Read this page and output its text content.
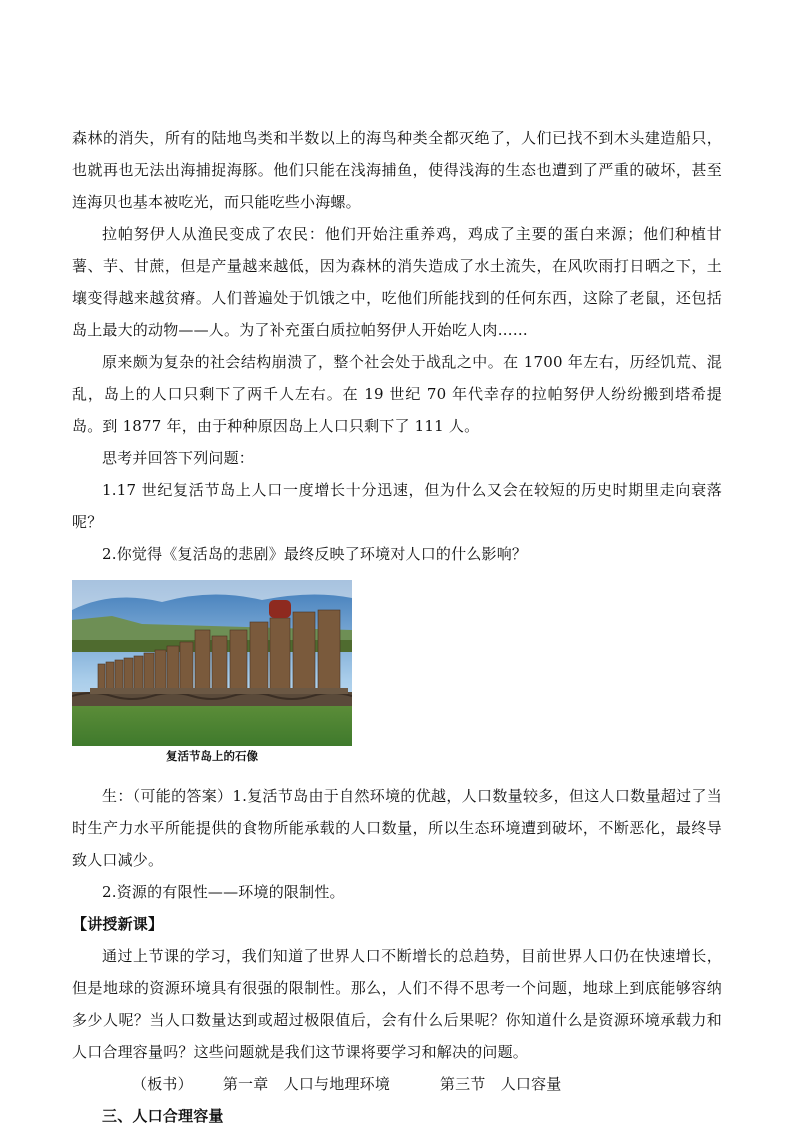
森林的消失，所有的陆地鸟类和半数以上的海鸟种类全都灭绝了，人们已找不到木头建造船只，也就再也无法出海捕捉海豚。他们只能在浅海捕鱼，使得浅海的生态也遭到了严重的破坏，甚至连海贝也基本被吃光，而只能吃些小海螺。

拉帕努伊人从渔民变成了农民：他们开始注重养鸡，鸡成了主要的蛋白来源；他们种植甘薯、芋、甘蔗，但是产量越来越低，因为森林的消失造成了水土流失，在风吹雨打日晒之下，土壤变得越来越贫瘠。人们普遍处于饥饿之中，吃他们所能找到的任何东西，这除了老鼠，还包括岛上最大的动物——人。为了补充蛋白质拉帕努伊人开始吃人肉……

原来颇为复杂的社会结构崩溃了，整个社会处于战乱之中。在 1700 年左右，历经饥荒、混乱，岛上的人口只剩下了两千人左右。在 19 世纪 70 年代幸存的拉帕努伊人纷纷搬到塔希提岛。到 1877 年，由于种种原因岛上人口只剩下了 111 人。

思考并回答下列问题：

1.17 世纪复活节岛上人口一度增长十分迅速，但为什么又会在较短的历史时期里走向衰落呢？

2.你觉得《复活岛的悲剧》最终反映了环境对人口的什么影响？

复活节岛上的石像

生：（可能的答案）1.复活节岛由于自然环境的优越，人口数量较多，但这人口数量超过了当时生产力水平所能提供的食物所能承载的人口数量，所以生态环境遭到破坏，不断恶化，最终导致人口减少。

2.资源的有限性——环境的限制性。

【讲授新课】

通过上节课的学习，我们知道了世界人口不断增长的总趋势，目前世界人口仍在快速增长，但是地球的资源环境具有很强的限制性。那么，人们不得不思考一个问题，地球上到底能够容纳多少人呢？当人口数量达到或超过极限值后，会有什么后果呢？你知道什么是资源环境承载力和人口合理容量吗？这些问题就是我们这节课将要学习和解决的问题。

（板书） 第一章　人口与地理环境	第三节　人口容量

三、人口合理容量
